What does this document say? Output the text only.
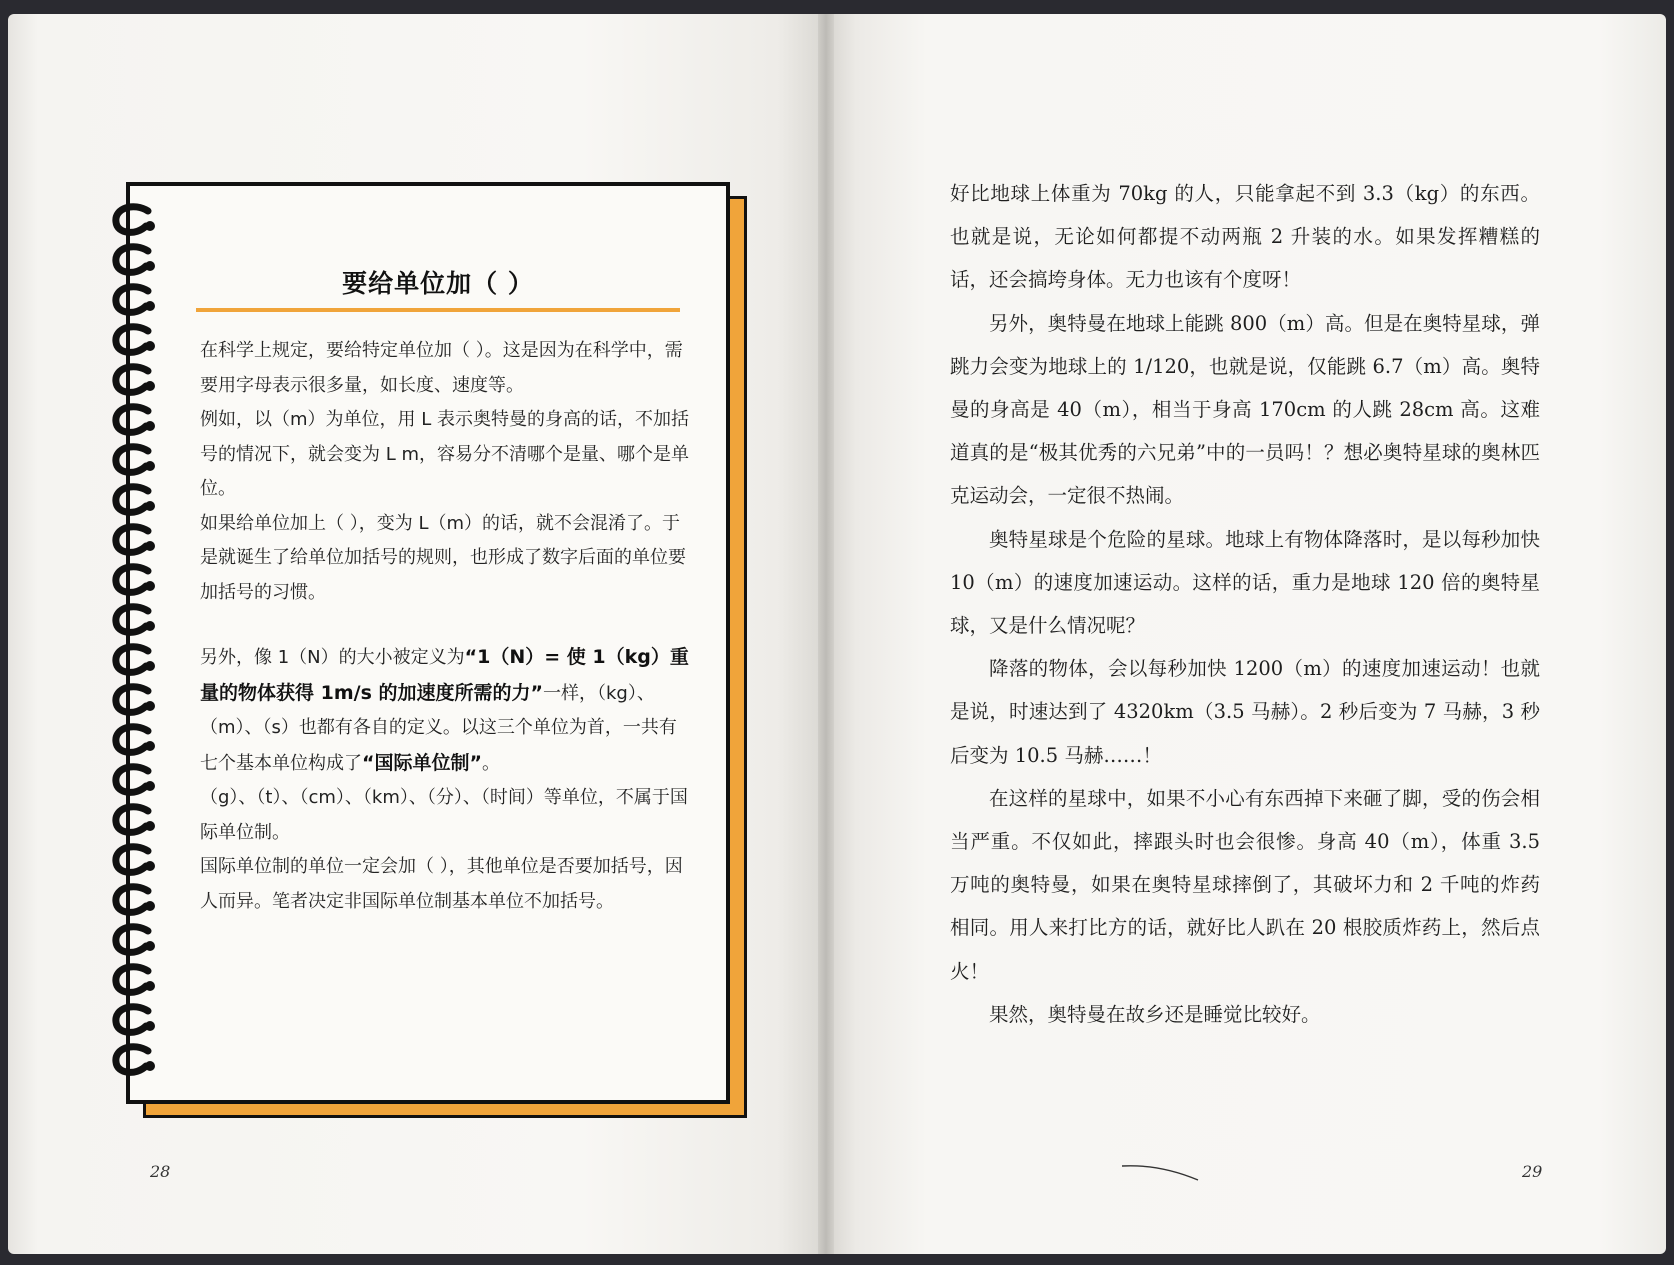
要给单位加（ ）

在科学上规定，要给特定单位加（ ）。这是因为在科学中，需要用字母表示很多量，如长度、速度等。

例如，以（m）为单位，用 L 表示奥特曼的身高的话，不加括号的情况下，就会变为 L m，容易分不清哪个是量、哪个是单位。

如果给单位加上（ ），变为 L（m）的话，就不会混淆了。于是就诞生了给单位加括号的规则，也形成了数字后面的单位要加括号的习惯。

另外，像 1（N）的大小被定义为“1（N）= 使 1（kg）重量的物体获得 1m/s 的加速度所需的力”一样，（kg）、（m）、（s）也都有各自的定义。以这三个单位为首，一共有七个基本单位构成了“国际单位制”。

（g）、（t）、（cm）、（km）、（分）、（时间）等单位，不属于国际单位制。

国际单位制的单位一定会加（ ），其他单位是否要加括号，因人而异。笔者决定非国际单位制基本单位不加括号。

好比地球上体重为 70kg 的人，只能拿起不到 3.3（kg）的东西。也就是说，无论如何都提不动两瓶 2 升装的水。如果发挥糟糕的话，还会搞垮身体。无力也该有个度呀！

另外，奥特曼在地球上能跳 800（m）高。但是在奥特星球，弹跳力会变为地球上的 1/120，也就是说，仅能跳 6.7（m）高。奥特曼的身高是 40（m），相当于身高 170cm 的人跳 28cm 高。这难道真的是“极其优秀的六兄弟”中的一员吗！？想必奥特星球的奥林匹克运动会，一定很不热闹。

奥特星球是个危险的星球。地球上有物体降落时，是以每秒加快 10（m）的速度加速运动。这样的话，重力是地球 120 倍的奥特星球，又是什么情况呢？

降落的物体，会以每秒加快 1200（m）的速度加速运动！也就是说，时速达到了 4320km（3.5 马赫）。2 秒后变为 7 马赫，3 秒后变为 10.5 马赫……！

在这样的星球中，如果不小心有东西掉下来砸了脚，受的伤会相当严重。不仅如此，摔跟头时也会很惨。身高 40（m），体重 3.5 万吨的奥特曼，如果在奥特星球摔倒了，其破坏力和 2 千吨的炸药相同。用人来打比方的话，就好比人趴在 20 根胶质炸药上，然后点火！

果然，奥特曼在故乡还是睡觉比较好。

28	29
